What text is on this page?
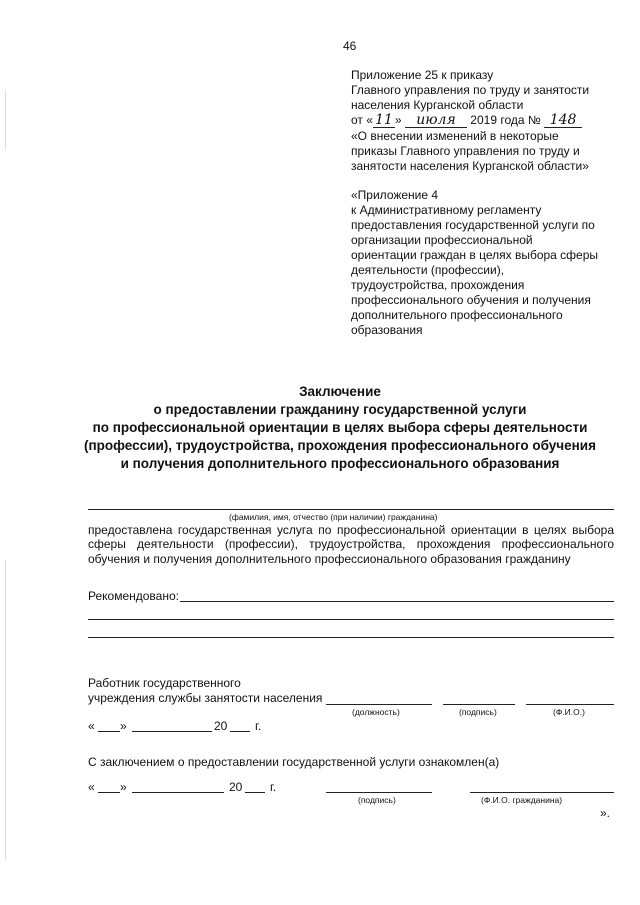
46
Приложение 25 к приказу
Главного управления по труду и занятости
населения Курганской области
от « 11 » июля 2019 года № 148
«О внесении изменений в некоторые
приказы Главного управления по труду и
занятости населения Курганской области»
«Приложение 4
к Административному регламенту
предоставления государственной услуги по
организации профессиональной
ориентации граждан в целях выбора сферы
деятельности (профессии),
трудоустройства, прохождения
профессионального обучения и получения
дополнительного профессионального
образования
Заключение
о предоставлении гражданину государственной услуги
по профессиональной ориентации в целях выбора сферы деятельности
(профессии), трудоустройства, прохождения профессионального обучения
и получения дополнительного профессионального образования
(фамилия, имя, отчество (при наличии) гражданина)
предоставлена государственная услуга по профессиональной ориентации в целях выбора
сферы деятельности (профессии), трудоустройства, прохождения профессионального
обучения и получения дополнительного профессионального образования гражданину
Рекомендовано:
Работник государственного
учреждения службы занятости населения
(должность)	(подпись)	(Ф.И.О.)
« »	20 г.
С заключением о предоставлении государственной услуги ознакомлен(а)
« »	20 г.
(подпись)	(Ф.И.О. гражданина)
».
